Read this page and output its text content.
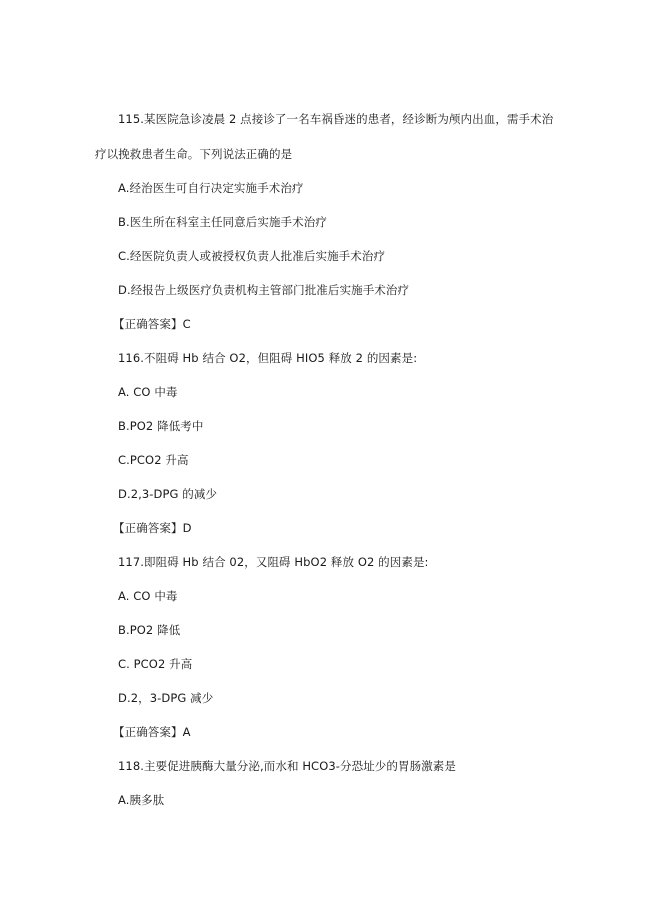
115.某医院急诊凌晨 2 点接诊了一名车祸昏迷的患者，经诊断为颅内出血，需手术治
疗以挽救患者生命。下列说法正确的是
A.经治医生可自行决定实施手术治疗
B.医生所在科室主任同意后实施手术治疗
C.经医院负责人或被授权负责人批准后实施手术治疗
D.经报告上级医疗负责机构主管部门批准后实施手术治疗
【正确答案】C
116.不阻碍 Hb 结合 O2，但阻碍 HIO5 释放 2 的因素是:
A. CO 中毒
B.PO2 降低考中
C.PCO2 升高
D.2,3-DPG 的减少
【正确答案】D
117.即阻碍 Hb 结合 02，又阻碍 HbO2 释放 O2 的因素是:
A. CO 中毒
B.PO2 降低
C. PCO2 升高
D.2，3-DPG 减少
【正确答案】A
118.主要促进胰酶大量分泌,而水和 HCO3-分恐址少的胃肠激素是
A.胰多肽
